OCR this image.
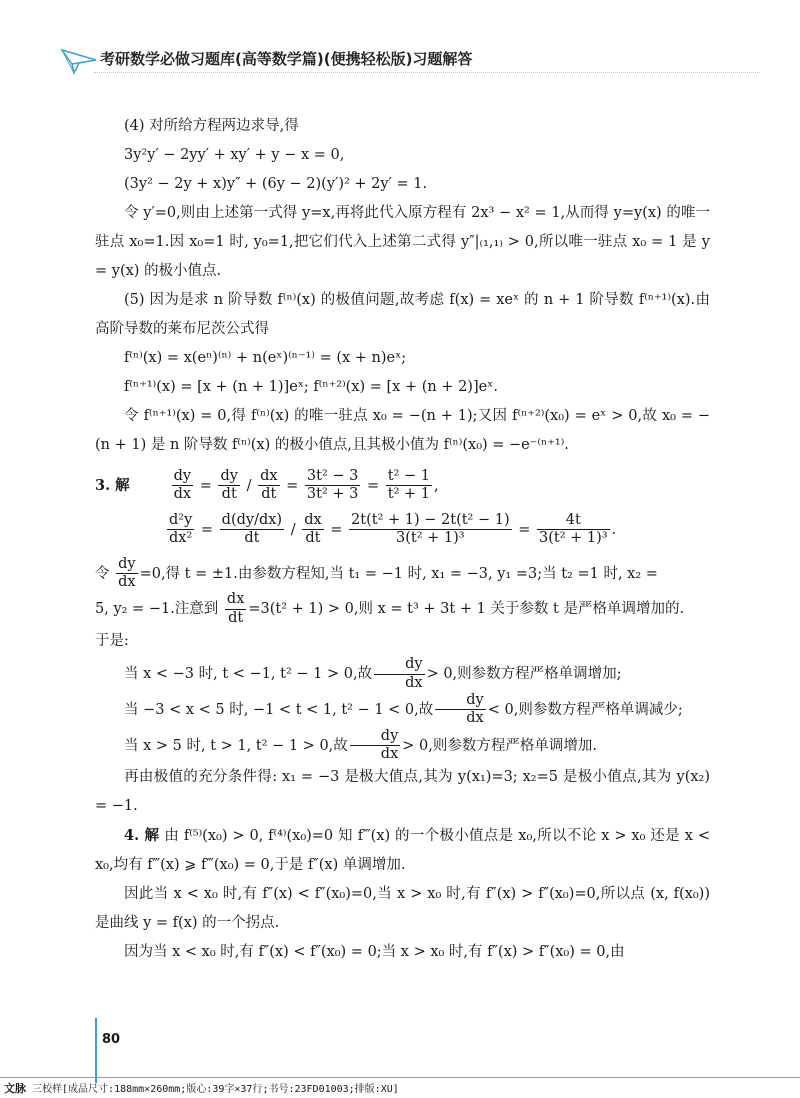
考研数学必做习题库(高等数学篇)(便携轻松版)习题解答

(4) 对所给方程两边求导,得

3y²y′ − 2yy′ + xy′ + y − x = 0,

(3y² − 2y + x)y″ + (6y − 2)(y′)² + 2y′ = 1.

令 y′=0,则由上述第一式得 y=x,再将此代入原方程有 2x³ − x² = 1,从而得 y=y(x) 的唯一驻点 x₀=1.因 x₀=1 时, y₀=1,把它们代入上述第二式得 y″|₍₁,₁₎ > 0,所以唯一驻点 x₀ = 1 是 y = y(x) 的极小值点.

(5) 因为是求 n 阶导数 f⁽ⁿ⁾(x) 的极值问题,故考虑 f(x) = xeˣ 的 n + 1 阶导数 f⁽ⁿ⁺¹⁾(x).由高阶导数的莱布尼茨公式得

f⁽ⁿ⁾(x) = x(eⁿ)⁽ⁿ⁾ + n(eˣ)⁽ⁿ⁻¹⁾ = (x + n)eˣ;

f⁽ⁿ⁺¹⁾(x) = [x + (n + 1)]eˣ; f⁽ⁿ⁺²⁾(x) = [x + (n + 2)]eˣ.

令 f⁽ⁿ⁺¹⁾(x) = 0,得 f⁽ⁿ⁾(x) 的唯一驻点 x₀ = −(n + 1);又因 f⁽ⁿ⁺²⁾(x₀) = eˣ > 0,故 x₀ = −(n + 1) 是 n 阶导数 f⁽ⁿ⁾(x) 的极小值点,且其极小值为 f⁽ⁿ⁾(x₀) = −e⁻⁽ⁿ⁺¹⁾.

3. 解	$\frac{dy}{dx} = \frac{dy}{dt} / \frac{dx}{dt} = \frac{\text{3t² − 3}}{\text{3t² + 3}} = \frac{\text{t² − 1}}{\text{t² + 1}}$ ,
$\frac{\text{d²y}}{\text{dx²}} = \frac{d(dy/dx)}{dt} / \frac{dx}{dt} = \frac{\text{2t(t² + 1) − 2t(t² − 1)}}{\text{3(t² + 1)³}} = \frac{4t}{\text{3(t² + 1)³}}$ .

令 $\frac{dy}{dx} =0$,得 t = ±1.由参数方程知,当 t₁ = −1 时, x₁ = −3, y₁ =3;当 t₂ =1 时, x₂ =

5, y₂ = −1.注意到 $\frac{dx}{dt} =3(t^2 + 1) > 0$,则 x = t³ + 3t + 1 关于参数 t 是严格单调增加的.

于是:

当 x < −3 时, t < −1, t² − 1 > 0,故 $\frac{dy}{dx} > 0$,则参数方程严格单调增加;

当 −3 < x < 5 时, −1 < t < 1, t² − 1 < 0,故 $\frac{dy}{dx} < 0$,则参数方程严格单调减少;

当 x > 5 时, t > 1, t² − 1 > 0,故 $\frac{dy}{dx} > 0$,则参数方程严格单调增加.

再由极值的充分条件得: x₁ = −3 是极大值点,其为 y(x₁)=3; x₂=5 是极小值点,其为 y(x₂) = −1.

4. 解 由 f⁽⁵⁾(x₀) > 0, f⁽⁴⁾(x₀)=0 知 f‴(x) 的一个极小值点是 x₀,所以不论 x > x₀ 还是 x < x₀,均有 f‴(x) ⩾ f‴(x₀) = 0,于是 f″(x) 单调增加.

因此当 x < x₀ 时,有 f″(x) < f″(x₀)=0,当 x > x₀ 时,有 f″(x) > f″(x₀)=0,所以点 (x, f(x₀)) 是曲线 y = f(x) 的一个拐点.

因为当 x < x₀ 时,有 f″(x) < f″(x₀) = 0;当 x > x₀ 时,有 f″(x) > f″(x₀) = 0,由

80
文脉 三校样[成品尺寸:188mm×260mm;版心:39字×37行;书号:23FD01003;排版:XU]
